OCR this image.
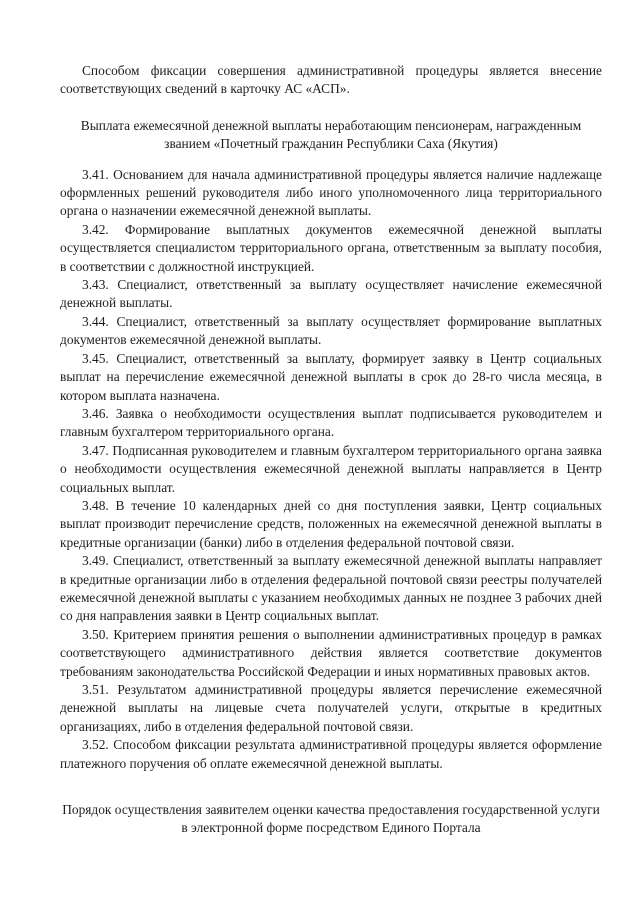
Способом фиксации совершения административной процедуры является внесение соответствующих сведений в карточку АС «АСП».

Выплата ежемесячной денежной выплаты неработающим пенсионерам, награжденным званием «Почетный гражданин Республики Саха (Якутия)

3.41. Основанием для начала административной процедуры является наличие надлежаще оформленных решений руководителя либо иного уполномоченного лица территориального органа о назначении ежемесячной денежной выплаты.

3.42. Формирование выплатных документов ежемесячной денежной выплаты осуществляется специалистом территориального органа, ответственным за выплату пособия, в соответствии с должностной инструкцией.

3.43. Специалист, ответственный за выплату осуществляет начисление ежемесячной денежной выплаты.

3.44. Специалист, ответственный за выплату осуществляет формирование выплатных документов ежемесячной денежной выплаты.

3.45. Специалист, ответственный за выплату, формирует заявку в Центр социальных выплат на перечисление ежемесячной денежной выплаты в срок до 28-го числа месяца, в котором выплата назначена.

3.46. Заявка о необходимости осуществления выплат подписывается руководителем и главным бухгалтером территориального органа.

3.47. Подписанная руководителем и главным бухгалтером территориального органа заявка о необходимости осуществления ежемесячной денежной выплаты направляется в Центр социальных выплат.

3.48. В течение 10 календарных дней со дня поступления заявки, Центр социальных выплат производит перечисление средств, положенных на ежемесячной денежной выплаты в кредитные организации (банки) либо в отделения федеральной почтовой связи.

3.49. Специалист, ответственный за выплату ежемесячной денежной выплаты направляет в кредитные организации либо в отделения федеральной почтовой связи реестры получателей ежемесячной денежной выплаты с указанием необходимых данных не позднее 3 рабочих дней со дня направления заявки в Центр социальных выплат.

3.50. Критерием принятия решения о выполнении административных процедур в рамках соответствующего административного действия является соответствие документов требованиям законодательства Российской Федерации и иных нормативных правовых актов.

3.51. Результатом административной процедуры является перечисление ежемесячной денежной выплаты на лицевые счета получателей услуги, открытые в кредитных организациях, либо в отделения федеральной почтовой связи.

3.52. Способом фиксации результата административной процедуры является оформление платежного поручения об оплате ежемесячной денежной выплаты.

Порядок осуществления заявителем оценки качества предоставления государственной услуги в электронной форме посредством Единого Портала
